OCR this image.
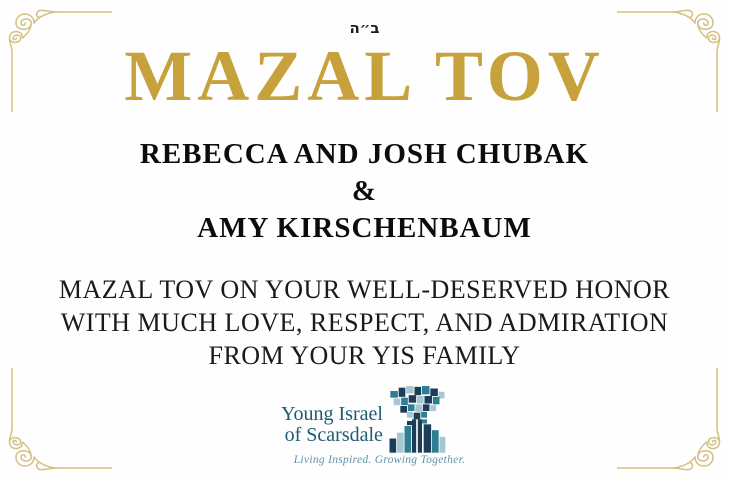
ב״ה
MAZAL TOV
REBECCA AND JOSH CHUBAK
&
AMY KIRSCHENBAUM
MAZAL TOV ON YOUR WELL-DESERVED HONOR
WITH MUCH LOVE, RESPECT, AND ADMIRATION
FROM YOUR YIS FAMILY
Young Israel
of Scarsdale
Living Inspired. Growing Together.
